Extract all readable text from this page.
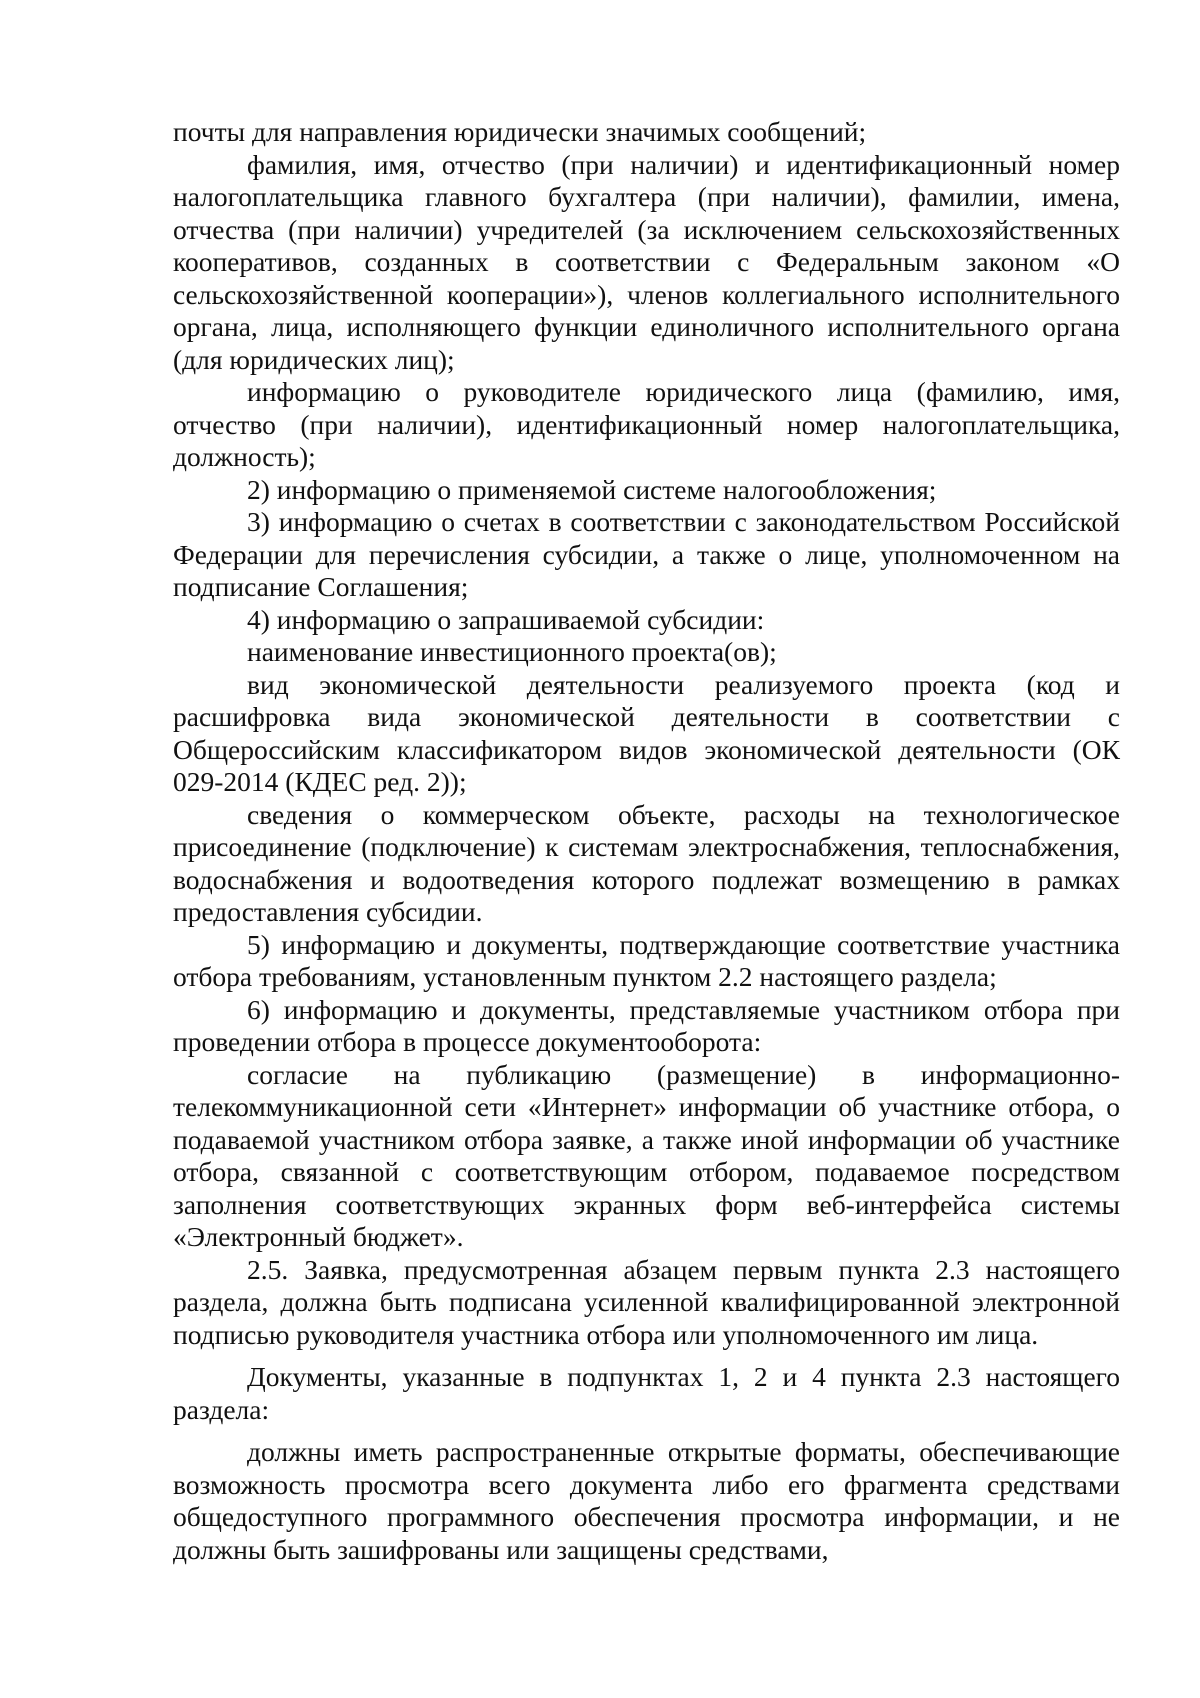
почты для направления юридически значимых сообщений;

фамилия, имя, отчество (при наличии) и идентификационный номер налогоплательщика главного бухгалтера (при наличии), фамилии, имена, отчества (при наличии) учредителей (за исключением сельскохозяйственных кооперативов, созданных в соответствии с Федеральным законом «О сельскохозяйственной кооперации»), членов коллегиального исполнительного органа, лица, исполняющего функции единоличного исполнительного органа (для юридических лиц);

информацию о руководителе юридического лица (фамилию, имя, отчество (при наличии), идентификационный номер налогоплательщика, должность);

2) информацию о применяемой системе налогообложения;

3) информацию о счетах в соответствии с законодательством Российской Федерации для перечисления субсидии, а также о лице, уполномоченном на подписание Соглашения;

4) информацию о запрашиваемой субсидии:

наименование инвестиционного проекта(ов);

вид экономической деятельности реализуемого проекта (код и расшифровка вида экономической деятельности в соответствии с Общероссийским классификатором видов экономической деятельности (ОК 029-2014 (КДЕС ред. 2));

сведения о коммерческом объекте, расходы на технологическое присоединение (подключение) к системам электроснабжения, теплоснабжения, водоснабжения и водоотведения которого подлежат возмещению в рамках предоставления субсидии.

5) информацию и документы, подтверждающие соответствие участника отбора требованиям, установленным пунктом 2.2 настоящего раздела;

6) информацию и документы, представляемые участником отбора при проведении отбора в процессе документооборота:

согласие на публикацию (размещение) в информационно-телекоммуникационной сети «Интернет» информации об участнике отбора, о подаваемой участником отбора заявке, а также иной информации об участнике отбора, связанной с соответствующим отбором, подаваемое посредством заполнения соответствующих экранных форм веб-интерфейса системы «Электронный бюджет».

2.5. Заявка, предусмотренная абзацем первым пункта 2.3 настоящего раздела, должна быть подписана усиленной квалифицированной электронной подписью руководителя участника отбора или уполномоченного им лица.

Документы, указанные в подпунктах 1, 2 и 4 пункта 2.3 настоящего раздела:

должны иметь распространенные открытые форматы, обеспечивающие возможность просмотра всего документа либо его фрагмента средствами общедоступного программного обеспечения просмотра информации, и не должны быть зашифрованы или защищены средствами,
